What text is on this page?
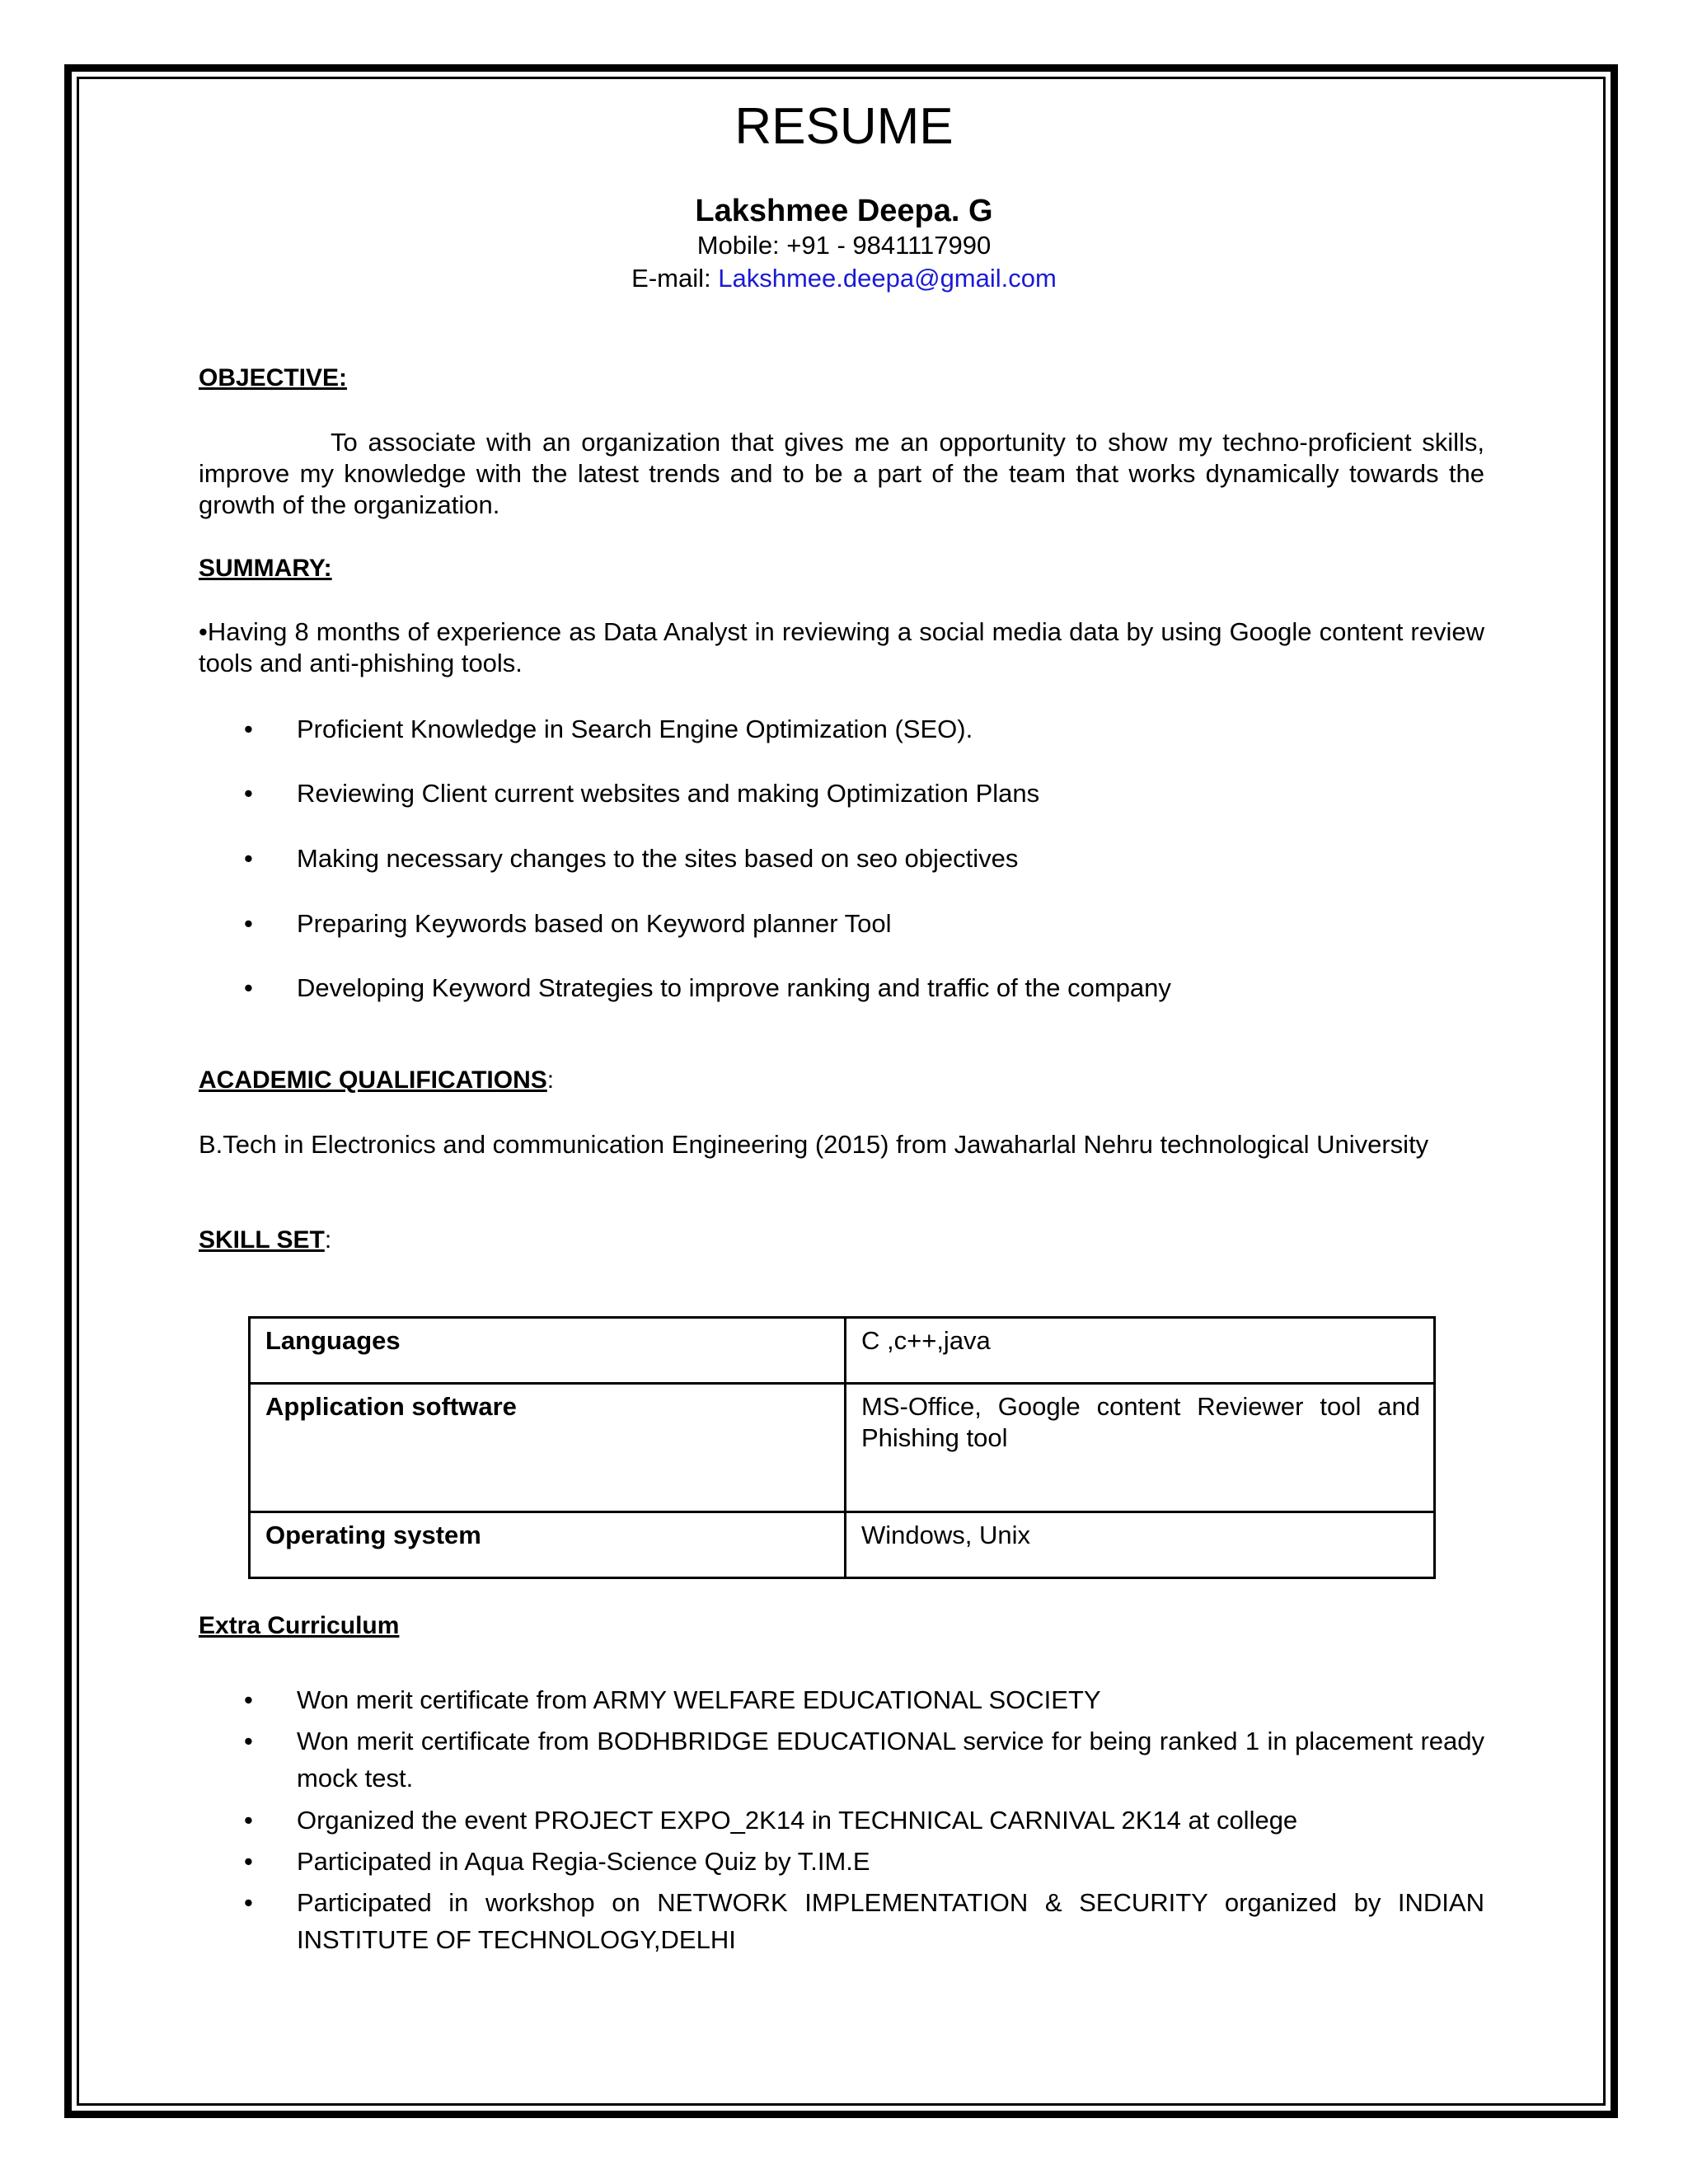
RESUME
Lakshmee Deepa. G
Mobile: +91 - 9841117990
E-mail: Lakshmee.deepa@gmail.com
OBJECTIVE:
To associate with an organization that gives me an opportunity to show my techno-proficient skills, improve my knowledge with the latest trends and to be a part of the team that works dynamically towards the growth of the organization.
SUMMARY:
•Having 8 months of experience as Data Analyst in reviewing a social media data by using Google content review tools and anti-phishing tools.
• Proficient Knowledge in Search Engine Optimization (SEO).
• Reviewing Client current websites and making Optimization Plans
• Making necessary changes to the sites based on seo objectives
• Preparing Keywords based on Keyword planner Tool
• Developing Keyword Strategies to improve ranking and traffic of the company
ACADEMIC QUALIFICATIONS:
B.Tech in Electronics and communication Engineering (2015) from Jawaharlal Nehru technological University
SKILL SET:
Languages	C ,c++,java
Application software	MS-Office, Google content Reviewer tool and Phishing tool
Operating system	Windows, Unix
Extra Curriculum
• Won merit certificate from ARMY WELFARE EDUCATIONAL SOCIETY
• Won merit certificate from BODHBRIDGE EDUCATIONAL service for being ranked 1 in placement ready mock test.
• Organized the event PROJECT EXPO_2K14 in TECHNICAL CARNIVAL 2K14 at college
• Participated in Aqua Regia-Science Quiz by T.IM.E
• Participated in workshop on NETWORK IMPLEMENTATION & SECURITY organized by INDIAN INSTITUTE OF TECHNOLOGY,DELHI
